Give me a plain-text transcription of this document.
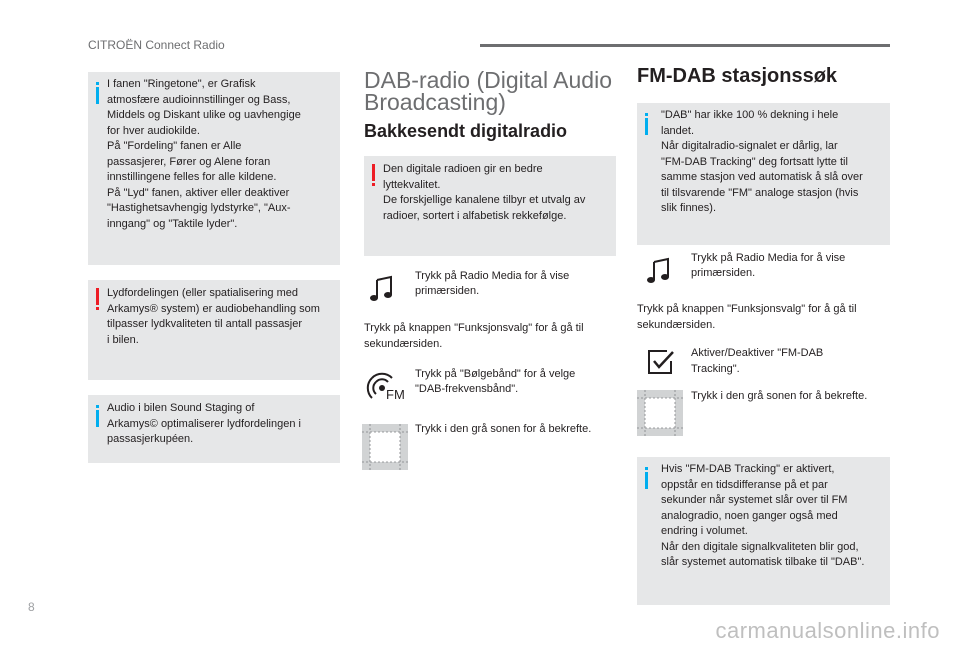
CITROËN Connect Radio

I fanen "Ringetone", er Grafisk

atmosfære audioinnstillinger og Bass,

Middels og Diskant ulike og uavhengige

for hver audiokilde.

På "Fordeling" fanen er Alle

passasjerer, Fører og Alene foran

innstillingene felles for alle kildene.

På "Lyd" fanen, aktiver eller deaktiver

"Hastighetsavhengig lydstyrke", "Aux-

inngang" og "Taktile lyder".

Lydfordelingen (eller spatialisering med

Arkamys® system) er audiobehandling som

tilpasser lydkvaliteten til antall passasjer

i bilen.

Audio i bilen Sound Staging of

Arkamys© optimaliserer lydfordelingen i

passasjerkupéen.

DAB-radio (Digital Audio
Broadcasting)
Bakkesendt digitalradio

Den digitale radioen gir en bedre

lyttekvalitet.

De forskjellige kanalene tilbyr et utvalg av

radioer, sortert i alfabetisk rekkefølge.

Trykk på Radio Media for å vise

primærsiden.

Trykk på knappen "Funksjonsvalg" for å gå til

sekundærsiden.

FM

Trykk på "Bølgebånd" for å velge

"DAB-frekvensbånd".

Trykk i den grå sonen for å bekrefte.

FM-DAB stasjonssøk

"DAB" har ikke 100 % dekning i hele

landet.

Når digitalradio-signalet er dårlig, lar

"FM-DAB Tracking" deg fortsatt lytte til

samme stasjon ved automatisk å slå over

til tilsvarende "FM" analoge stasjon (hvis

slik finnes).

Trykk på Radio Media for å vise

primærsiden.

Trykk på knappen "Funksjonsvalg" for å gå til

sekundærsiden.

Aktiver/Deaktiver "FM-DAB

Tracking".

Trykk i den grå sonen for å bekrefte.

Hvis "FM-DAB Tracking" er aktivert,

oppstår en tidsdifferanse på et par

sekunder når systemet slår over til FM

analogradio, noen ganger også med

endring i volumet.

Når den digitale signalkvaliteten blir god,

slår systemet automatisk tilbake til "DAB".

8
carmanualsonline.info
